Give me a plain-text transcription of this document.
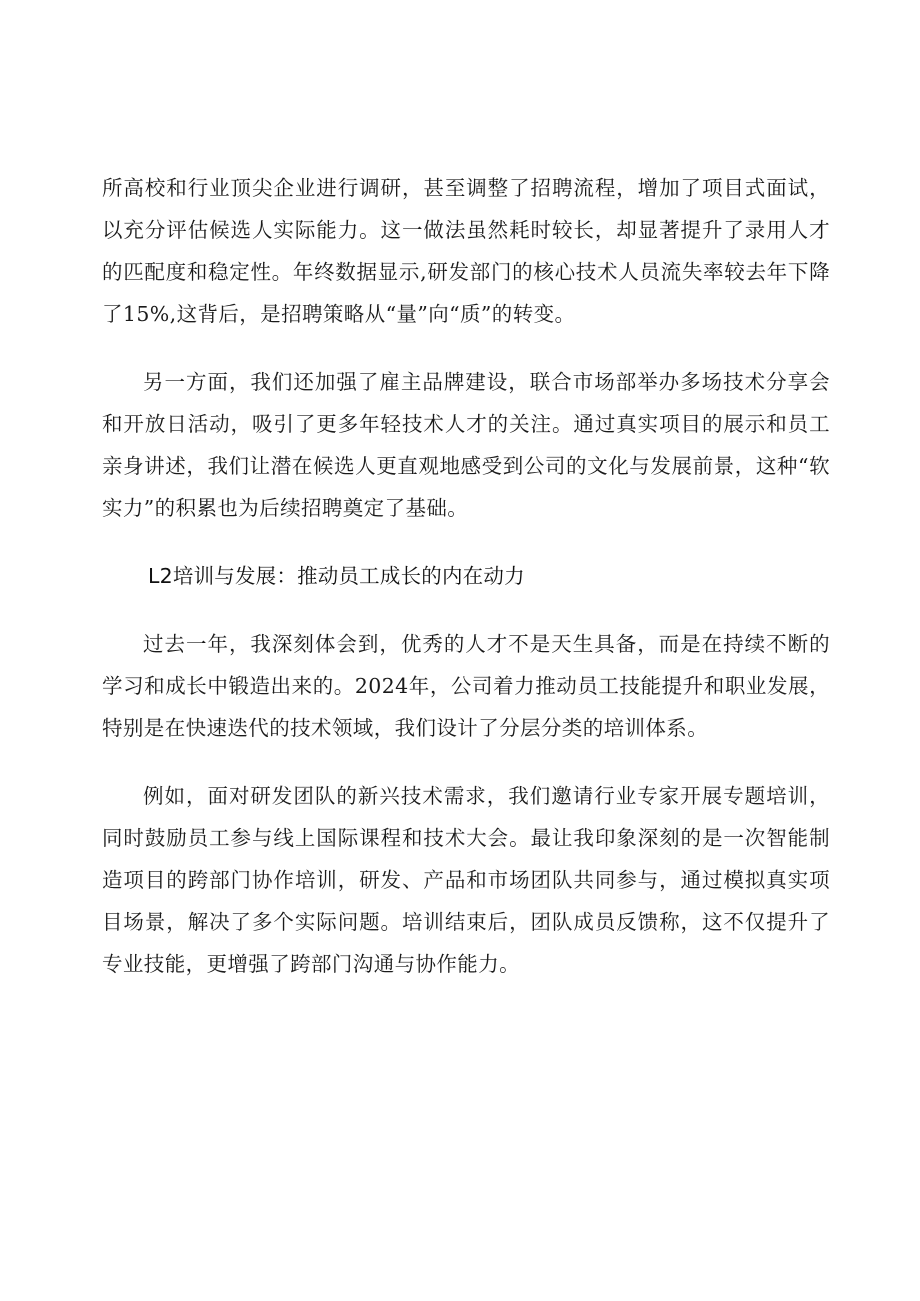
所高校和行业顶尖企业进行调研，甚至调整了招聘流程，增加了项目式面试，以充分评估候选人实际能力。这一做法虽然耗时较长，却显著提升了录用人才的匹配度和稳定性。年终数据显示,研发部门的核心技术人员流失率较去年下降了15%,这背后，是招聘策略从“量”向“质”的转变。

另一方面，我们还加强了雇主品牌建设，联合市场部举办多场技术分享会和开放日活动，吸引了更多年轻技术人才的关注。通过真实项目的展示和员工亲身讲述，我们让潜在候选人更直观地感受到公司的文化与发展前景，这种“软实力”的积累也为后续招聘奠定了基础。

L2培训与发展：推动员工成长的内在动力

过去一年，我深刻体会到，优秀的人才不是天生具备，而是在持续不断的学习和成长中锻造出来的。2024年，公司着力推动员工技能提升和职业发展，特别是在快速迭代的技术领域，我们设计了分层分类的培训体系。

例如，面对研发团队的新兴技术需求，我们邀请行业专家开展专题培训，同时鼓励员工参与线上国际课程和技术大会。最让我印象深刻的是一次智能制造项目的跨部门协作培训，研发、产品和市场团队共同参与，通过模拟真实项目场景，解决了多个实际问题。培训结束后，团队成员反馈称，这不仅提升了专业技能，更增强了跨部门沟通与协作能力。
